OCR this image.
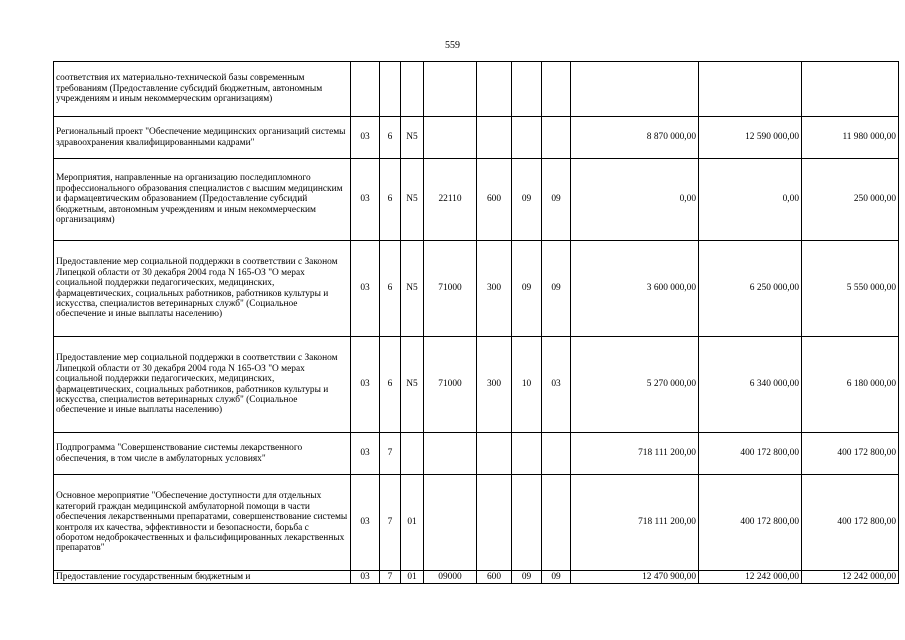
559
соответствия их материально-технической базы современным требованиям (Предоставление субсидий бюджетным, автономным учреждениям и иным некоммерческим организациям)										
Региональный проект "Обеспечение медицинских организаций системы здравоохранения квалифицированными кадрами"	03	6	N5					8 870 000,00	12 590 000,00	11 980 000,00
Мероприятия, направленные на организацию последипломного профессионального образования специалистов с высшим медицинским и фармацевтическим образованием (Предоставление субсидий бюджетным, автономным учреждениям и иным некоммерческим организациям)	03	6	N5	22110	600	09	09	0,00	0,00	250 000,00
Предоставление мер социальной поддержки в соответствии с Законом Липецкой области от 30 декабря 2004 года N 165-ОЗ "О мерах социальной поддержки педагогических, медицинских, фармацевтических, социальных работников, работников культуры и искусства, специалистов ветеринарных служб" (Социальное обеспечение и иные выплаты населению)	03	6	N5	71000	300	09	09	3 600 000,00	6 250 000,00	5 550 000,00
Предоставление мер социальной поддержки в соответствии с Законом Липецкой области от 30 декабря 2004 года N 165-ОЗ "О мерах социальной поддержки педагогических, медицинских, фармацевтических, социальных работников, работников культуры и искусства, специалистов ветеринарных служб" (Социальное обеспечение и иные выплаты населению)	03	6	N5	71000	300	10	03	5 270 000,00	6 340 000,00	6 180 000,00
Подпрограмма "Совершенствование системы лекарственного обеспечения, в том числе в амбулаторных условиях"	03	7						718 111 200,00	400 172 800,00	400 172 800,00
Основное мероприятие "Обеспечение доступности для отдельных категорий граждан медицинской амбулаторной помощи в части обеспечения лекарственными препаратами, совершенствование системы контроля их качества, эффективности и безопасности, борьба с оборотом недоброкачественных и фальсифицированных лекарственных препаратов"	03	7	01					718 111 200,00	400 172 800,00	400 172 800,00
Предоставление государственным бюджетным и	03	7	01	09000	600	09	09	12 470 900,00	12 242 000,00	12 242 000,00
